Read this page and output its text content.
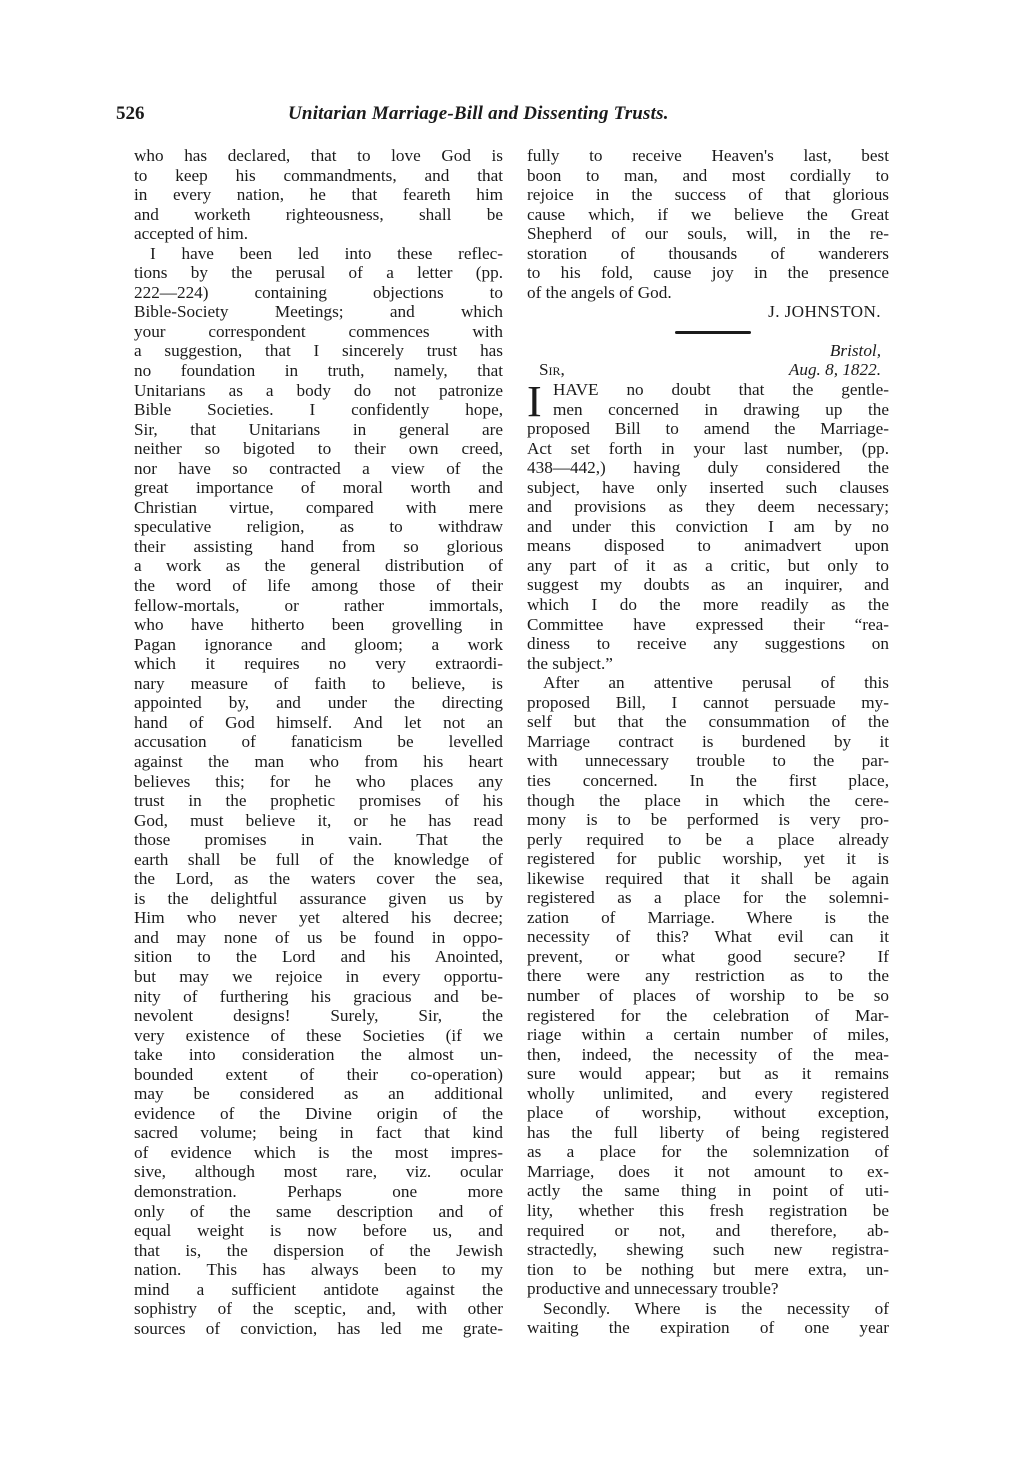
526	Unitarian Marriage-Bill and Dissenting Trusts.
who has declared, that to love God is
to keep his commandments, and that
in every nation, he that feareth him
and worketh righteousness, shall be
accepted of him.
I have been led into these reflec-
tions by the perusal of a letter (pp.
222—224) containing objections to
Bible-Society Meetings; and which
your correspondent commences with
a suggestion, that I sincerely trust has
no foundation in truth, namely, that
Unitarians as a body do not patronize
Bible Societies. I confidently hope,
Sir, that Unitarians in general are
neither so bigoted to their own creed,
nor have so contracted a view of the
great importance of moral worth and
Christian virtue, compared with mere
speculative religion, as to withdraw
their assisting hand from so glorious
a work as the general distribution of
the word of life among those of their
fellow-mortals, or rather immortals,
who have hitherto been grovelling in
Pagan ignorance and gloom; a work
which it requires no very extraordi-
nary measure of faith to believe, is
appointed by, and under the directing
hand of God himself. And let not an
accusation of fanaticism be levelled
against the man who from his heart
believes this; for he who places any
trust in the prophetic promises of his
God, must believe it, or he has read
those promises in vain. That the
earth shall be full of the knowledge of
the Lord, as the waters cover the sea,
is the delightful assurance given us by
Him who never yet altered his decree;
and may none of us be found in oppo-
sition to the Lord and his Anointed,
but may we rejoice in every opportu-
nity of furthering his gracious and be-
nevolent designs! Surely, Sir, the
very existence of these Societies (if we
take into consideration the almost un-
bounded extent of their co-operation)
may be considered as an additional
evidence of the Divine origin of the
sacred volume; being in fact that kind
of evidence which is the most impres-
sive, although most rare, viz. ocular
demonstration. Perhaps one more
only of the same description and of
equal weight is now before us, and
that is, the dispersion of the Jewish
nation. This has always been to my
mind a sufficient antidote against the
sophistry of the sceptic, and, with other
sources of conviction, has led me grate-
fully to receive Heaven's last, best
boon to man, and most cordially to
rejoice in the success of that glorious
cause which, if we believe the Great
Shepherd of our souls, will, in the re-
storation of thousands of wanderers
to his fold, cause joy in the presence
of the angels of God.
J. JOHNSTON.
Bristol,
Sir,	Aug. 8, 1822.
I HAVE no doubt that the gentle-
men concerned in drawing up the
proposed Bill to amend the Marriage-
Act set forth in your last number, (pp.
438—442,) having duly considered the
subject, have only inserted such clauses
and provisions as they deem necessary;
and under this conviction I am by no
means disposed to animadvert upon
any part of it as a critic, but only to
suggest my doubts as an inquirer, and
which I do the more readily as the
Committee have expressed their “rea-
diness to receive any suggestions on
the subject.”
After an attentive perusal of this
proposed Bill, I cannot persuade my-
self but that the consummation of the
Marriage contract is burdened by it
with unnecessary trouble to the par-
ties concerned. In the first place,
though the place in which the cere-
mony is to be performed is very pro-
perly required to be a place already
registered for public worship, yet it is
likewise required that it shall be again
registered as a place for the solemni-
zation of Marriage. Where is the
necessity of this? What evil can it
prevent, or what good secure? If
there were any restriction as to the
number of places of worship to be so
registered for the celebration of Mar-
riage within a certain number of miles,
then, indeed, the necessity of the mea-
sure would appear; but as it remains
wholly unlimited, and every registered
place of worship, without exception,
has the full liberty of being registered
as a place for the solemnization of
Marriage, does it not amount to ex-
actly the same thing in point of uti-
lity, whether this fresh registration be
required or not, and therefore, ab-
stractedly, shewing such new registra-
tion to be nothing but mere extra, un-
productive and unnecessary trouble?
Secondly. Where is the necessity of
waiting the expiration of one year
